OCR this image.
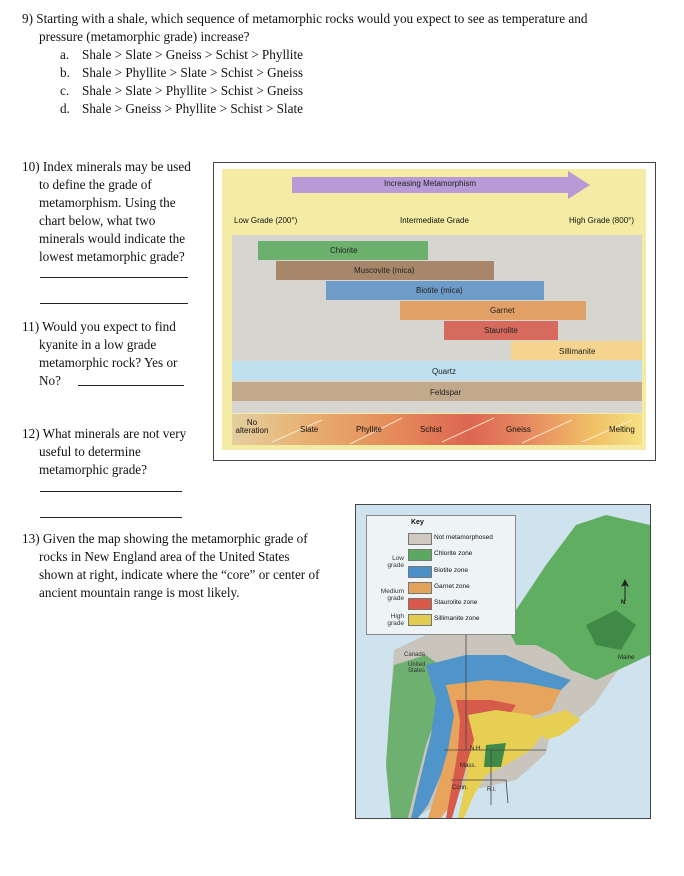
9) Starting with a shale, which sequence of metamorphic rocks would you expect to see as temperature and
pressure (metamorphic grade) increase?
a. Shale > Slate > Gneiss > Schist > Phyllite
b. Shale > Phyllite > Slate > Schist > Gneiss
c. Shale > Slate > Phyllite > Schist > Gneiss
d. Shale > Gneiss > Phyllite > Schist > Slate
10) Index minerals may be used
to define the grade of
metamorphism. Using the
chart below, what two
minerals would indicate the
lowest metamorphic grade?
11) Would you expect to find
kyanite in a low grade
metamorphic rock? Yes or
No?
12) What minerals are not very
useful to determine
metamorphic grade?
13) Given the map showing the metamorphic grade of
rocks in New England area of the United States
shown at right, indicate where the “core” or center of
ancient mountain range is most likely.
Increasing Metamorphism
Low Grade (200°)	Intermediate Grade	High Grade (800°)
Chlorite
Muscovite (mica)
Biotite (mica)
Garnet
Staurolite
Sillimanite
Quartz
Feldspar
No
alteration	Slate	Phyllite	Schist	Gneiss	Melting
Key
Not metamorphosed
Chlorite zone
Biotite zone
Garnet zone
Staurolite zone
Sillimanite zone
Low
grade
Medium
grade
High
grade
Canada
United
States
Maine
N.H.
Mass.
Conn.	R.I.
N
